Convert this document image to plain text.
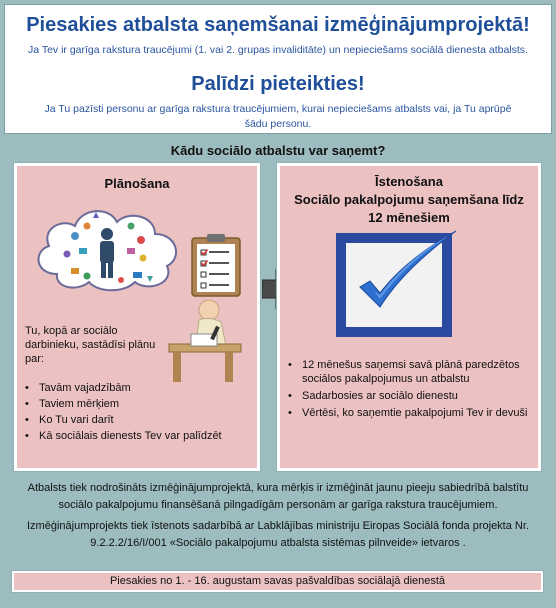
Piesakies atbalsta saņemšanai izmēģinājumprojektā!
Ja Tev ir garīga rakstura traucējumi (1. vai 2. grupas invaliditāte) un nepieciešams sociālā dienesta atbalsts.
Palīdzi pieteikties!
Ja Tu pazīsti personu ar garīga rakstura traucējumiem, kurai nepieciešams atbalsts vai, ja Tu aprūpē šādu personu.
Kādu sociālo atbalstu var saņemt?
Plānošana
Tu, kopā ar sociālo darbinieku, sastādīsi plānu par:
• Tavām vajadzībām
• Taviem mērķiem
• Ko Tu vari darīt
• Kā sociālais dienests Tev var palīdzēt
Īstenošana
Sociālo pakalpojumu saņemšana līdz
12 mēnešiem
• 12 mēnešus saņemsi savā plānā paredzētos sociālos pakalpojumus un atbalstu
• Sadarbosies ar sociālo dienestu
• Vērtēsi, ko saņemtie pakalpojumi Tev ir devuši
Atbalsts tiek nodrošināts izmēģinājumprojektā, kura mērķis ir izmēģināt jaunu pieeju sabiedrībā balstītu sociālo pakalpojumu finansēšanā pilngadīgām personām ar garīga rakstura traucējumiem.
Izmēģinājumprojekts tiek īstenots sadarbībā ar Labklājības ministriju Eiropas Sociālā fonda projekta Nr. 9.2.2.2/16/I/001 «Sociālo pakalpojumu atbalsta sistēmas pilnveide» ietvaros .
Piesakies no 1. - 16. augustam savas pašvaldības sociālajā dienestā
